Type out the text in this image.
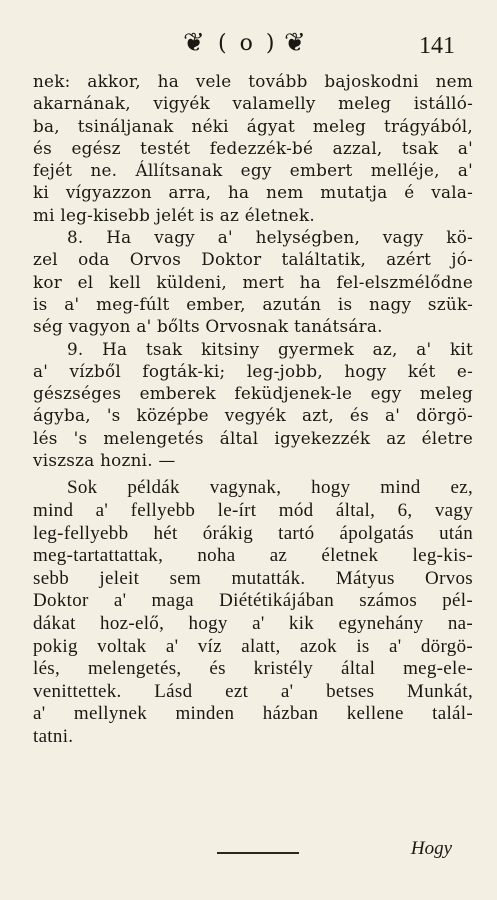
❦ ( o ) ❦	141
nek: akkor, ha vele tovább bajoskodni nem
akarnának, vigyék valamelly meleg istálló-
ba, tsináljanak néki ágyat meleg trágyából,
és egész testét fedezzék-bé azzal, tsak a'
fejét ne. Állítsanak egy embert melléje, a'
ki vígyazzon arra, ha nem mutatja é vala-
mi leg-kisebb jelét is az életnek.
8. Ha vagy a' helységben, vagy kö-
zel oda Orvos Doktor találtatik, azért jó-
kor el kell küldeni, mert ha fel-elszmélődne
is a' meg-fúlt ember, azután is nagy szük-
ség vagyon a' bőlts Orvosnak tanátsára.
9. Ha tsak kitsiny gyermek az, a' kit
a' vízből fogták-ki; leg-jobb, hogy két e-
gészséges emberek feküdjenek-le egy meleg
ágyba, 's középbe vegyék azt, és a' dörgö-
lés 's melengetés által igyekezzék az életre
viszsza hozni. —
Sok példák vagynak, hogy mind ez,
mind a' fellyebb le-írt mód által, 6, vagy
leg-fellyebb hét órákig tartó ápolgatás után
meg-tartattattak, noha az életnek leg-kis-
sebb jeleit sem mutatták. Mátyus Orvos
Doktor a' maga Diététikájában számos pél-
dákat hoz-elő, hogy a' kik egynehány na-
pokig voltak a' víz alatt, azok is a' dörgö-
lés, melengetés, és kristély által meg-ele-
venittettek. Lásd ezt a' betses Munkát,
a' mellynek minden házban kellene talál-
tatni.
Hogy
